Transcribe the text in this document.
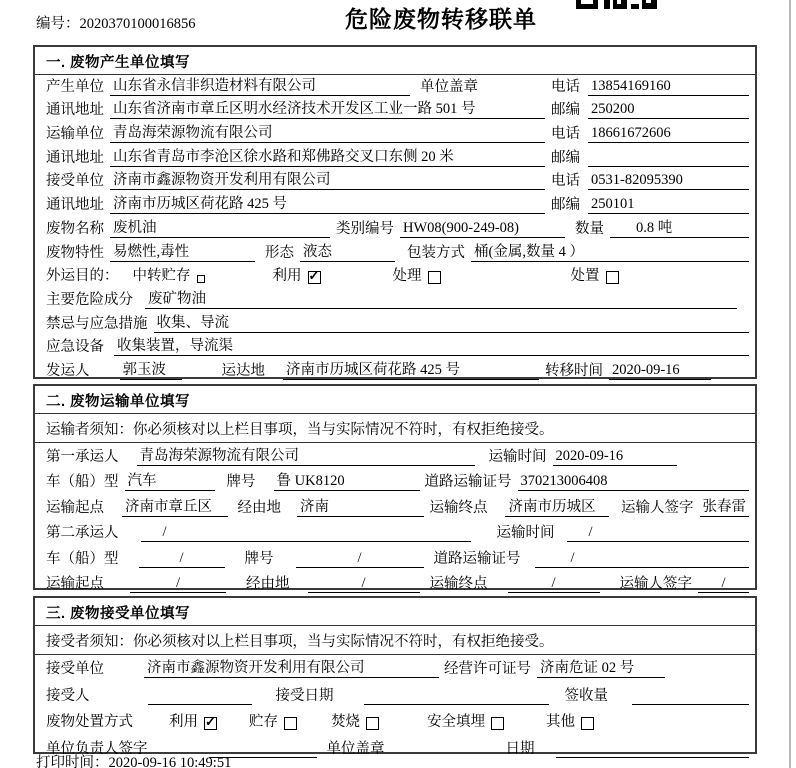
编号：2020370100016856	危险废物转移联单
一. 废物产生单位填写
产生单位 山东省永信非织造材料有限公司	单位盖章	电话 13854169160
通讯地址 山东省济南市章丘区明水经济技术开发区工业一路 501 号	邮编 250200
运输单位 青岛海荣源物流有限公司	电话 18661672606
通讯地址 山东省青岛市李沧区徐水路和郑佛路交叉口东侧 20 米	邮编
接受单位 济南市鑫源物资开发利用有限公司	电话 0531-82095390
通讯地址 济南市历城区荷花路 425 号	邮编 250101
废物名称 废机油	类别编号 HW08(900-249-08)	数量	0.8 吨
废物特性 易燃性,毒性	形态 液态	包装方式 桶(金属,数量 4 ）
外运目的： 中转贮存	利用 ✓	处理	处置
主要危险成分 废矿物油
禁忌与应急措施 收集、导流
应急设备 收集装置，导流渠
发运人 郭玉波	运达地 济南市历城区荷花路 425 号	转移时间 2020-09-16
二. 废物运输单位填写
运输者须知：你必须核对以上栏目事项，当与实际情况不符时，有权拒绝接受。
第一承运人 青岛海荣源物流有限公司	运输时间 2020-09-16
车（船）型 汽车	牌号 鲁 UK8120	道路运输证号 370213006408
运输起点 济南市章丘区	经由地 济南	运输终点 济南市历城区	运输人签字 张春雷
第二承运人	/	运输时间	/
车（船）型	/	牌号	/	道路运输证号	/
运输起点	/	经由地	/	运输终点	/	运输人签字	/
三. 废物接受单位填写
接受者须知：你必须核对以上栏目事项，当与实际情况不符时，有权拒绝接受。
接受单位	济南市鑫源物资开发利用有限公司	经营许可证号 济南危证 02 号
接受人	接受日期	签收量
废物处置方式 利用 ✓	贮存	焚烧	安全填埋	其他
单位负责人签字	单位盖章	日期
打印时间：2020-09-16 10:49:51
